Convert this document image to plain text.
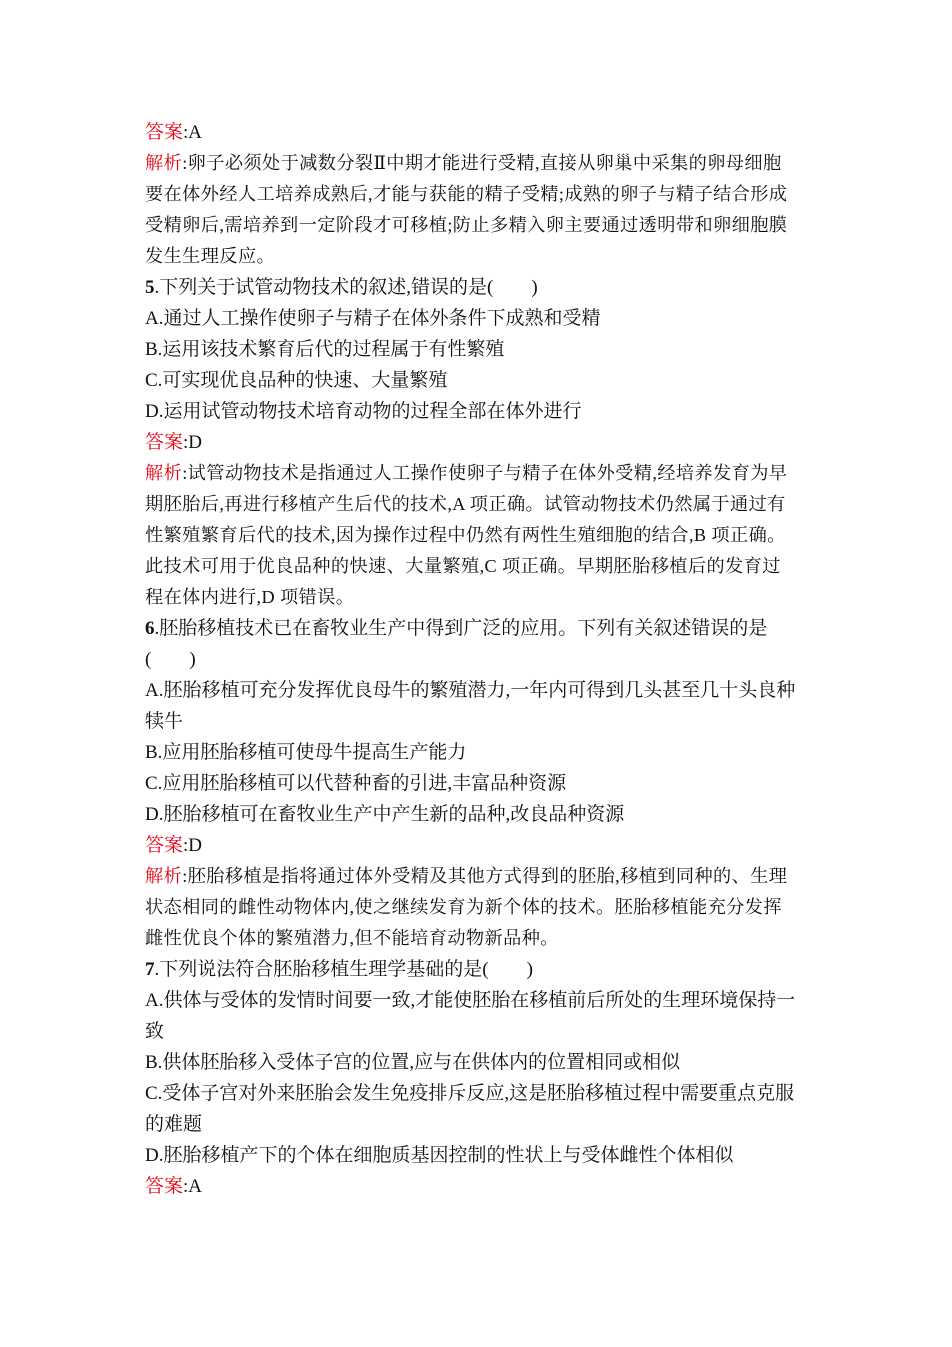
答案:A
解析:卵子必须处于减数分裂Ⅱ中期才能进行受精,直接从卵巢中采集的卵母细胞
要在体外经人工培养成熟后,才能与获能的精子受精;成熟的卵子与精子结合形成
受精卵后,需培养到一定阶段才可移植;防止多精入卵主要通过透明带和卵细胞膜
发生生理反应。
5.下列关于试管动物技术的叙述,错误的是(　　)
A.通过人工操作使卵子与精子在体外条件下成熟和受精
B.运用该技术繁育后代的过程属于有性繁殖
C.可实现优良品种的快速、大量繁殖
D.运用试管动物技术培育动物的过程全部在体外进行
答案:D
解析:试管动物技术是指通过人工操作使卵子与精子在体外受精,经培养发育为早
期胚胎后,再进行移植产生后代的技术,A 项正确。试管动物技术仍然属于通过有
性繁殖繁育后代的技术,因为操作过程中仍然有两性生殖细胞的结合,B 项正确。
此技术可用于优良品种的快速、大量繁殖,C 项正确。早期胚胎移植后的发育过
程在体内进行,D 项错误。
6.胚胎移植技术已在畜牧业生产中得到广泛的应用。下列有关叙述错误的是
(　　)
A.胚胎移植可充分发挥优良母牛的繁殖潜力,一年内可得到几头甚至几十头良种
犊牛
B.应用胚胎移植可使母牛提高生产能力
C.应用胚胎移植可以代替种畜的引进,丰富品种资源
D.胚胎移植可在畜牧业生产中产生新的品种,改良品种资源
答案:D
解析:胚胎移植是指将通过体外受精及其他方式得到的胚胎,移植到同种的、生理
状态相同的雌性动物体内,使之继续发育为新个体的技术。胚胎移植能充分发挥
雌性优良个体的繁殖潜力,但不能培育动物新品种。
7.下列说法符合胚胎移植生理学基础的是(　　)
A.供体与受体的发情时间要一致,才能使胚胎在移植前后所处的生理环境保持一
致
B.供体胚胎移入受体子宫的位置,应与在供体内的位置相同或相似
C.受体子宫对外来胚胎会发生免疫排斥反应,这是胚胎移植过程中需要重点克服
的难题
D.胚胎移植产下的个体在细胞质基因控制的性状上与受体雌性个体相似
答案:A
